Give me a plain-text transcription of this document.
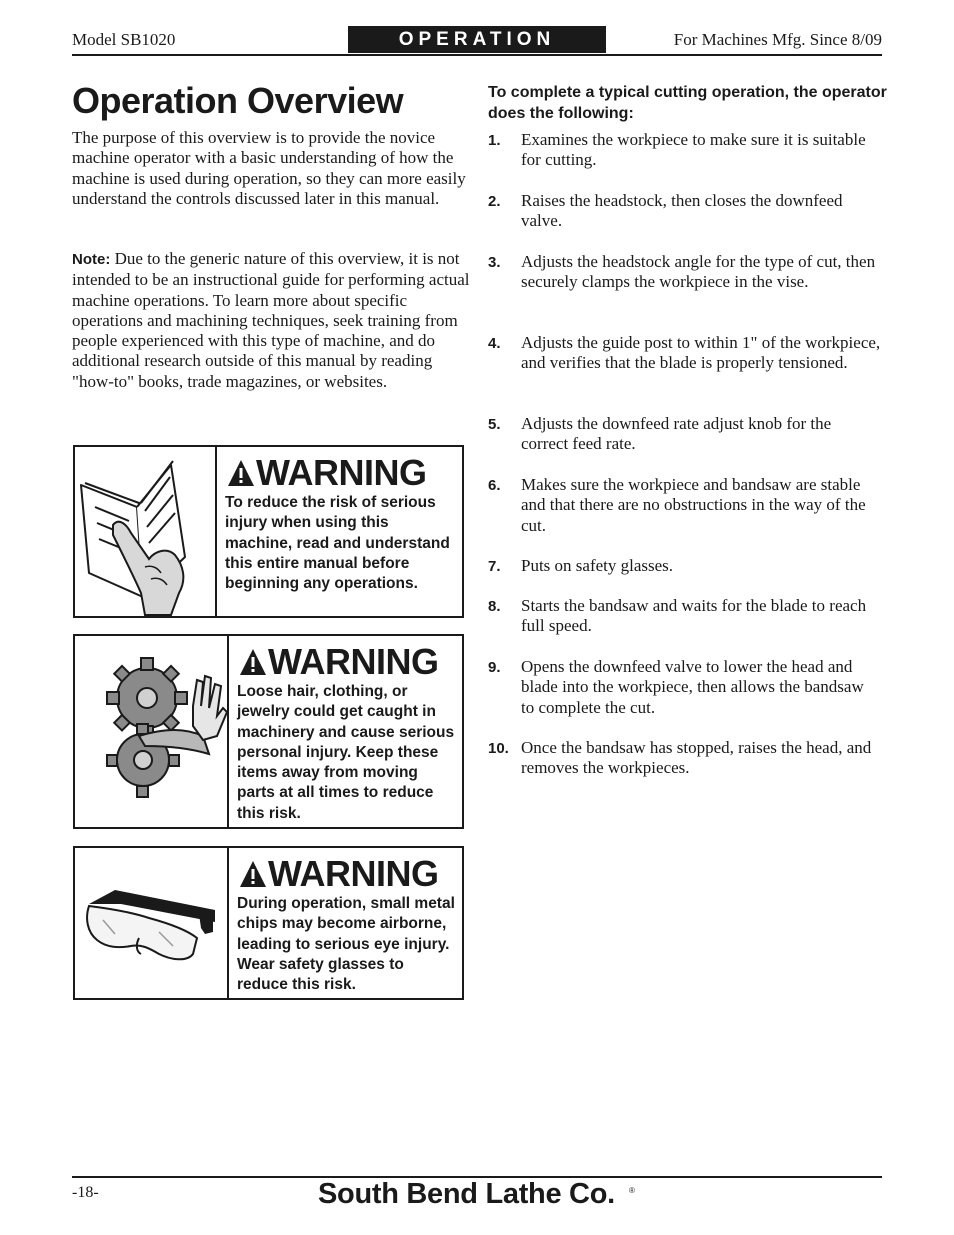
Model SB1020	OPERATION	For Machines Mfg. Since 8/09
Operation Overview

The purpose of this overview is to provide the novice machine operator with a basic understanding of how the machine is used during operation, so they can more easily understand the controls discussed later in this manual.

Note: Due to the generic nature of this overview, it is not intended to be an instructional guide for performing actual machine operations. To learn more about specific operations and machining techniques, seek training from people experienced with this type of machine, and do additional research outside of this manual by reading "how-to" books, trade magazines, or websites.

WARNING

To reduce the risk of serious injury when using this machine, read and understand this entire manual before beginning any operations.

WARNING

Loose hair, clothing, or jewelry could get caught in machinery and cause serious personal injury. Keep these items away from moving parts at all times to reduce this risk.

WARNING

During operation, small metal chips may become airborne, leading to serious eye injury. Wear safety glasses to reduce this risk.

To complete a typical cutting operation, the operator does the following:

1. Examines the workpiece to make sure it is suitable for cutting.
2. Raises the headstock, then closes the downfeed valve.
3. Adjusts the headstock angle for the type of cut, then securely clamps the workpiece in the vise.
4. Adjusts the guide post to within 1" of the workpiece, and verifies that the blade is properly tensioned.
5. Adjusts the downfeed rate adjust knob for the correct feed rate.
6. Makes sure the workpiece and bandsaw are stable and that there are no obstructions in the way of the cut.
7. Puts on safety glasses.
8. Starts the bandsaw and waits for the blade to reach full speed.
9. Opens the downfeed valve to lower the head and blade into the workpiece, then allows the bandsaw to complete the cut.
10. Once the bandsaw has stopped, raises the head, and removes the workpieces.
-18-	South Bend Lathe Co. ®
